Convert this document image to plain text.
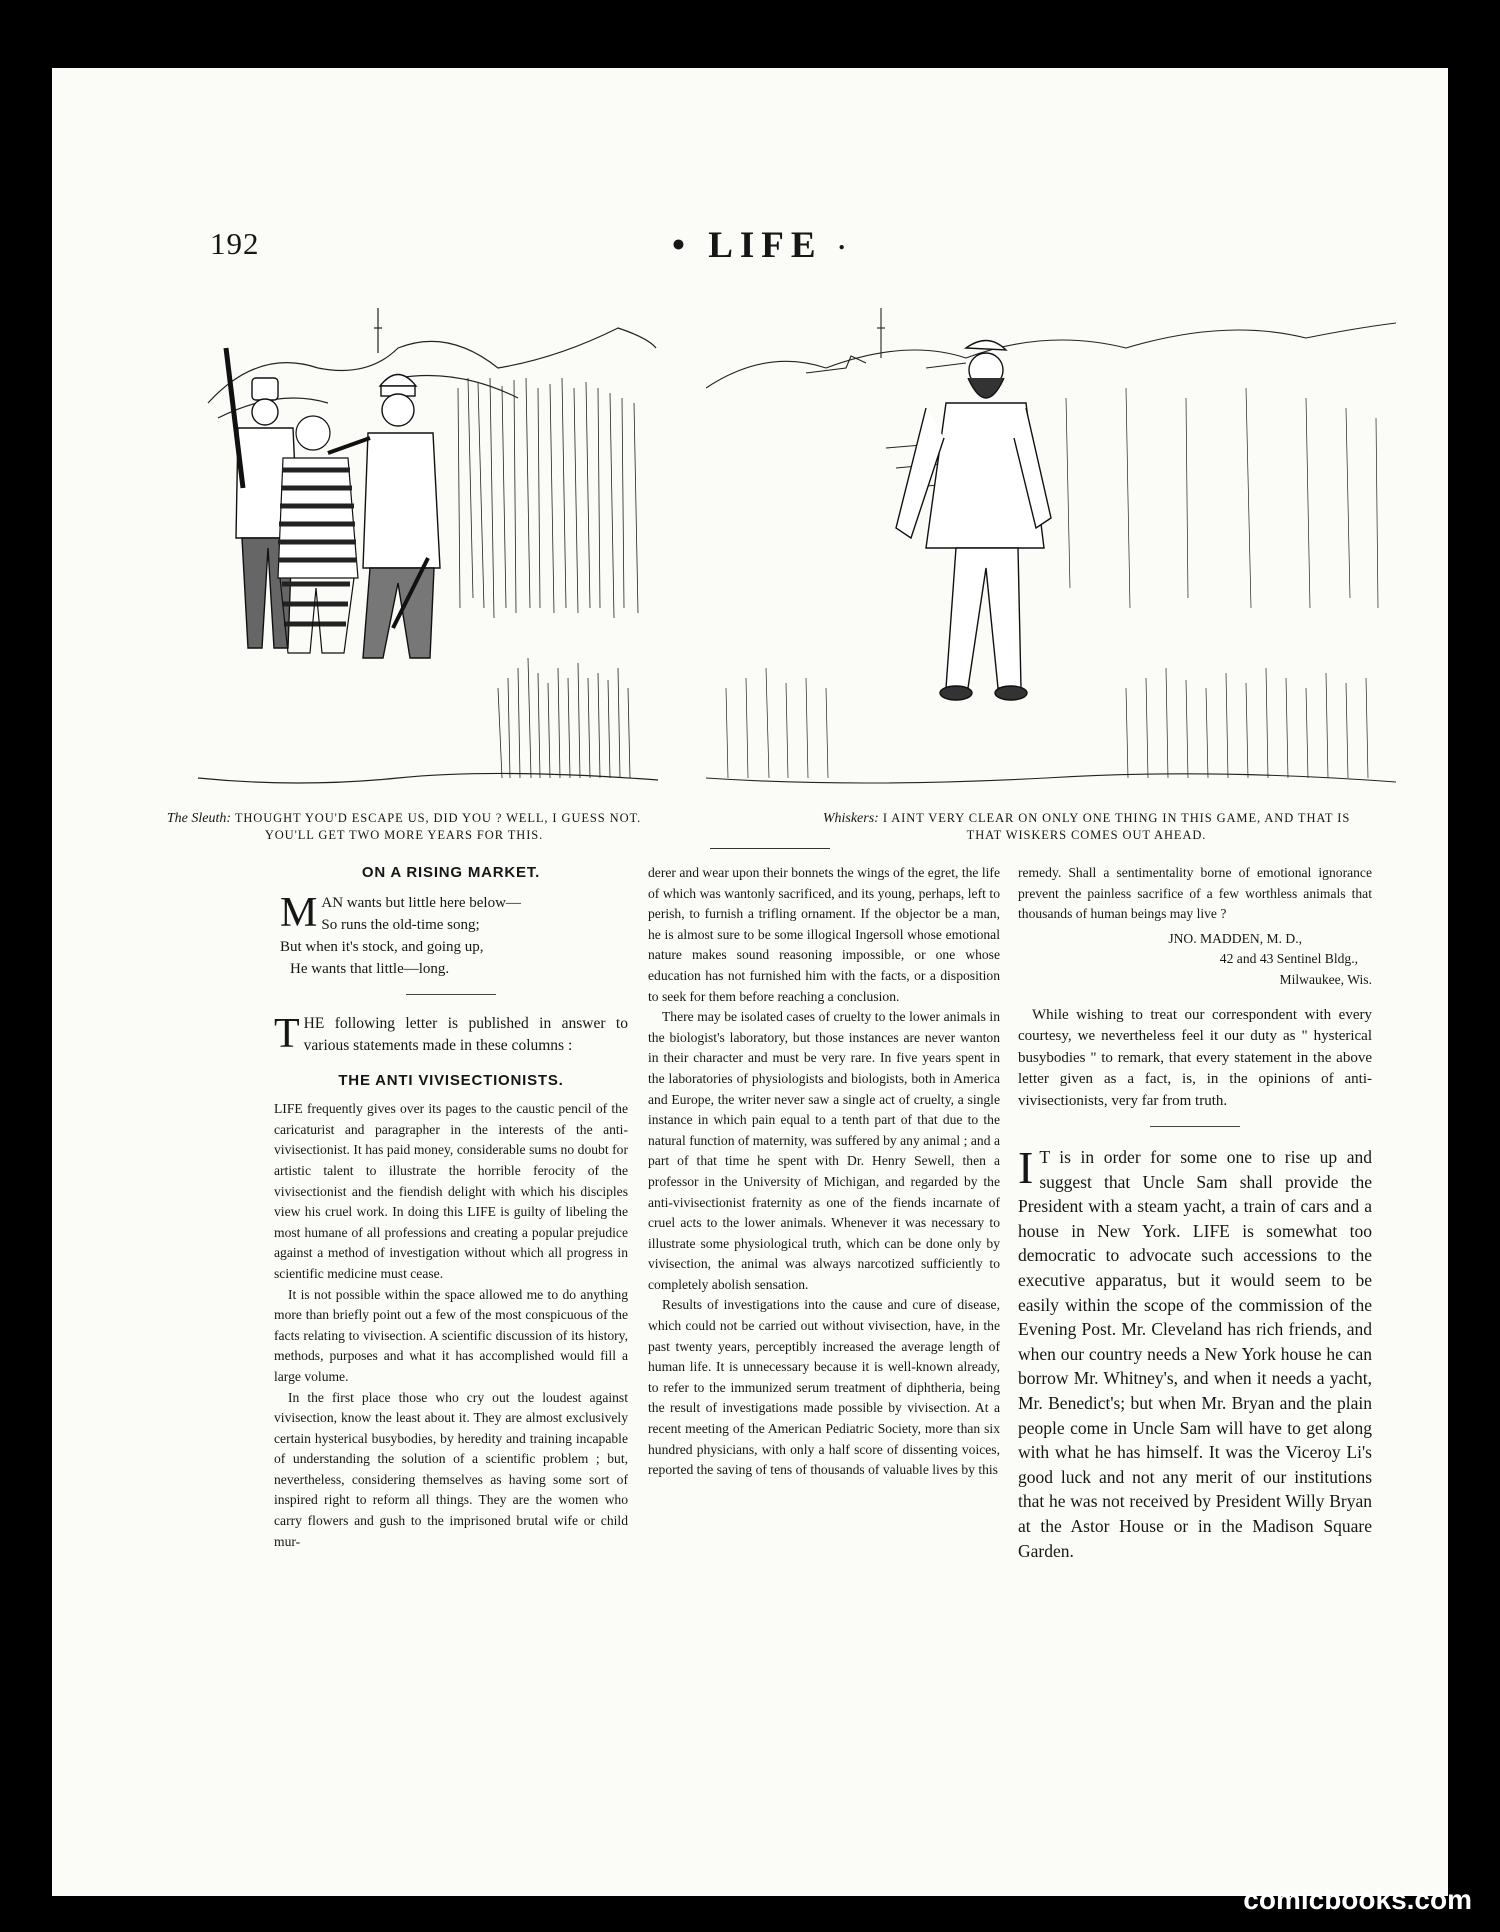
192	• LIFE •
The Sleuth: THOUGHT YOU'D ESCAPE US, DID YOU ? WELL, I GUESS NOT. YOU'LL GET TWO MORE YEARS FOR THIS.
Whiskers: I AINT VERY CLEAR ON ONLY ONE THING IN THIS GAME, AND THAT IS THAT WISKERS COMES OUT AHEAD.
ON A RISING MARKET.
M AN wants but little here below—
So runs the old-time song;
But when it's stock, and going up,
He wants that little—long.
T HE following letter is published in answer to various statements made in these columns :
THE ANTI VIVISECTIONISTS.

LIFE frequently gives over its pages to the caustic pencil of the caricaturist and paragrapher in the interests of the anti-vivisectionist. It has paid money, considerable sums no doubt for artistic talent to illustrate the horrible ferocity of the vivisectionist and the fiendish delight with which his disciples view his cruel work. In doing this LIFE is guilty of libeling the most humane of all professions and creating a popular prejudice against a method of investigation without which all progress in scientific medicine must cease.

It is not possible within the space allowed me to do anything more than briefly point out a few of the most conspicuous of the facts relating to vivisection. A scientific discussion of its history, methods, purposes and what it has accomplished would fill a large volume.

In the first place those who cry out the loudest against vivisection, know the least about it. They are almost exclusively certain hysterical busybodies, by heredity and training incapable of understanding the solution of a scientific problem ; but, nevertheless, considering themselves as having some sort of inspired right to reform all things. They are the women who carry flowers and gush to the imprisoned brutal wife or child mur-

derer and wear upon their bonnets the wings of the egret, the life of which was wantonly sacrificed, and its young, perhaps, left to perish, to furnish a trifling ornament. If the objector be a man, he is almost sure to be some illogical Ingersoll whose emotional nature makes sound reasoning impossible, or one whose education has not furnished him with the facts, or a disposition to seek for them before reaching a conclusion.

There may be isolated cases of cruelty to the lower animals in the biologist's laboratory, but those instances are never wanton in their character and must be very rare. In five years spent in the laboratories of physiologists and biologists, both in America and Europe, the writer never saw a single act of cruelty, a single instance in which pain equal to a tenth part of that due to the natural function of maternity, was suffered by any animal ; and a part of that time he spent with Dr. Henry Sewell, then a professor in the University of Michigan, and regarded by the anti-vivisectionist fraternity as one of the fiends incarnate of cruel acts to the lower animals. Whenever it was necessary to illustrate some physiological truth, which can be done only by vivisection, the animal was always narcotized sufficiently to completely abolish sensation.

Results of investigations into the cause and cure of disease, which could not be carried out without vivisection, have, in the past twenty years, perceptibly increased the average length of human life. It is unnecessary because it is well-known already, to refer to the immunized serum treatment of diphtheria, being the result of investigations made possible by vivisection. At a recent meeting of the American Pediatric Society, more than six hundred physicians, with only a half score of dissenting voices, reported the saving of tens of thousands of valuable lives by this

remedy. Shall a sentimentality borne of emotional ignorance prevent the painless sacrifice of a few worthless animals that thousands of human beings may live ?

JNO. MADDEN, M. D.,
42 and 43 Sentinel Bldg.,
Milwaukee, Wis.

While wishing to treat our correspondent with every courtesy, we nevertheless feel it our duty as " hysterical busybodies " to remark, that every statement in the above letter given as a fact, is, in the opinions of anti-vivisectionists, very far from truth.

I T is in order for some one to rise up and suggest that Uncle Sam shall provide the President with a steam yacht, a train of cars and a house in New York. LIFE is somewhat too democratic to advocate such accessions to the executive apparatus, but it would seem to be easily within the scope of the commission of the Evening Post. Mr. Cleveland has rich friends, and when our country needs a New York house he can borrow Mr. Whitney's, and when it needs a yacht, Mr. Benedict's; but when Mr. Bryan and the plain people come in Uncle Sam will have to get along with what he has himself. It was the Viceroy Li's good luck and not any merit of our institutions that he was not received by President Willy Bryan at the Astor House or in the Madison Square Garden.
comicbooks.com
